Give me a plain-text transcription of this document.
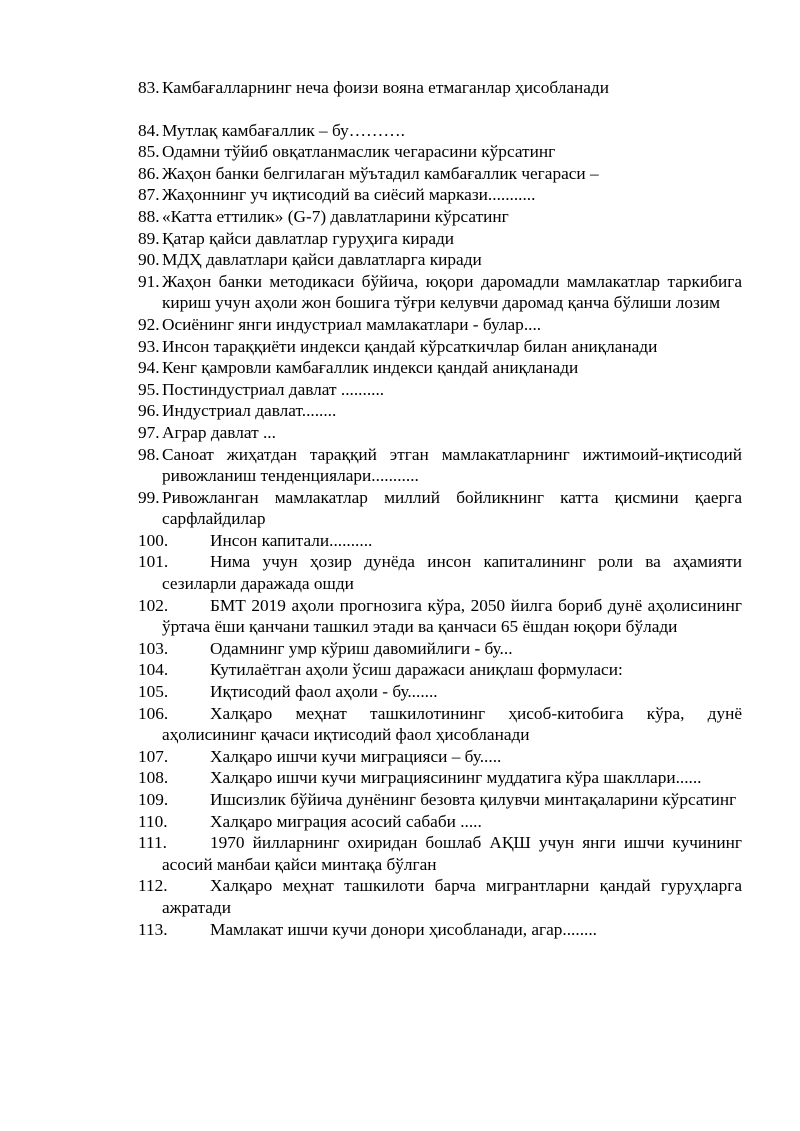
83. Камбағалларнинг неча фоизи вояна етмаганлар ҳисобланади
84. Мутлақ камбағаллик – бу……….
85. Одамни тўйиб овқатланмаслик чегарасини кўрсатинг
86. Жаҳон банки белгилаган мўътадил камбағаллик чегараси –
87. Жаҳоннинг уч иқтисодий ва сиёсий маркази...........
88. «Катта еттилик» (G-7) давлатларини кўрсатинг
89. Қатар қайси давлатлар гуруҳига киради
90. МДҲ давлатлари қайси давлатларга киради
91. Жаҳон банки методикаси бўйича, юқори даромадли мамлакатлар таркибига кириш учун аҳоли жон бошига тўғри келувчи даромад қанча бўлиши лозим
92. Осиёнинг янги индустриал мамлакатлари - булар....
93. Инсон тараққиёти индекси қандай кўрсаткичлар билан аниқланади
94. Кенг қамровли камбағаллик индекси қандай аниқланади
95. Постиндустриал давлат ..........
96. Индустриал давлат........
97. Аграр давлат ...
98. Саноат жиҳатдан тараққий этган мамлакатларнинг ижтимоий-иқтисодий ривожланиш тенденциялари...........
99. Ривожланган мамлакатлар миллий бойликнинг катта қисмини қаерга сарфлайдилар
100.	Инсон капитали..........
101.	Нима учун ҳозир дунёда инсон капиталининг роли ва аҳамияти сезиларли даражада ошди
102.	БМТ 2019 аҳоли прогнозига кўра, 2050 йилга бориб дунё аҳолисининг ўртача ёши қанчани ташкил этади ва қанчаси 65 ёшдан юқори бўлади
103.	Одамнинг умр кўриш давомийлиги - бу...
104.	Кутилаётган аҳоли ўсиш даражаси аниқлаш формуласи:
105.	Иқтисодий фаол аҳоли - бу.......
106.	Халқаро меҳнат ташкилотининг ҳисоб-китобига кўра, дунё аҳолисининг қачаси иқтисодий фаол ҳисобланади
107.	Халқаро ишчи кучи миграцияси – бу.....
108.	Халқаро ишчи кучи миграциясининг муддатига кўра шакллари......
109.	Ишсизлик бўйича дунёнинг безовта қилувчи минтақаларини кўрсатинг
110.	Халқаро миграция асосий сабаби .....
111.	1970 йилларнинг охиридан бошлаб АҚШ учун янги ишчи кучининг асосий манбаи қайси минтақа бўлган
112.	Халқаро меҳнат ташкилоти барча мигрантларни қандай гуруҳларга ажратади
113.	Мамлакат ишчи кучи донори ҳисобланади, агар........
